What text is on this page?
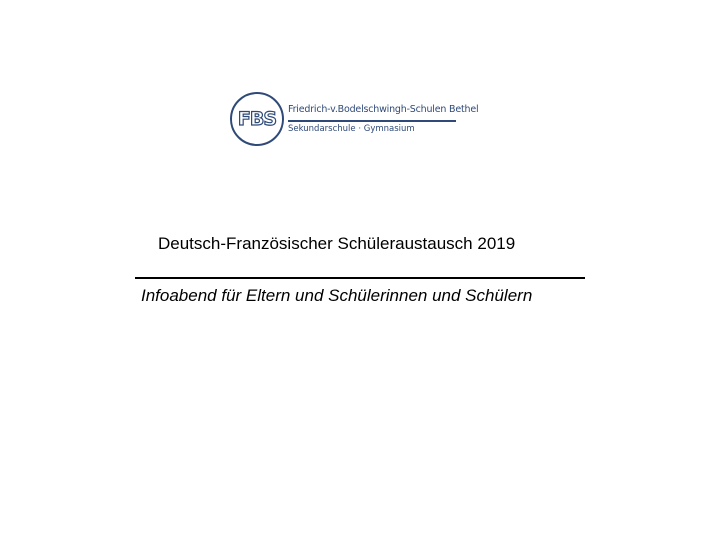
FBS Friedrich-v.Bodelschwingh-Schulen Bethel
Sekundarschule · Gymnasium
Deutsch-Französischer Schüleraustausch 2019
Infoabend für Eltern und Schülerinnen und Schülern
